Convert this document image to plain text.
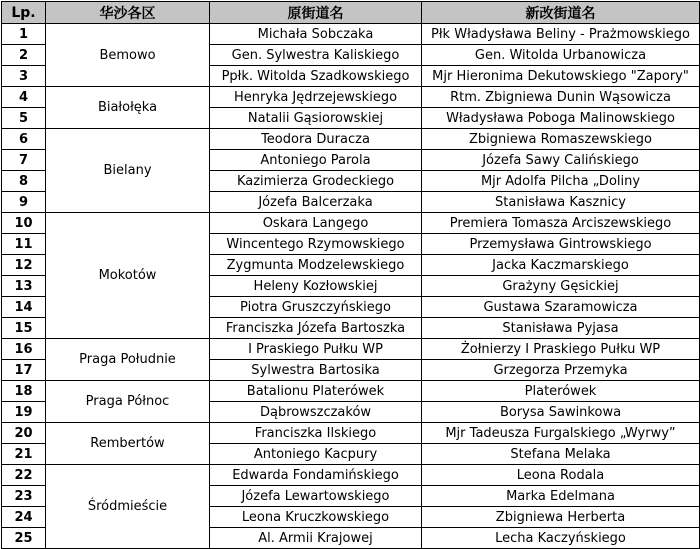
Lp.	华沙各区	原街道名	新改街道名
1	Bemowo	Michała Sobczaka	Płk Władysława Beliny - Prażmowskiego
2		Gen. Sylwestra Kaliskiego	Gen. Witolda Urbanowicza
3		Ppłk. Witolda Szadkowskiego	Mjr Hieronima Dekutowskiego "Zapory"
4	Białołęka	Henryka Jędrzejewskiego	Rtm. Zbigniewa Dunin Wąsowicza
5		Natalii Gąsiorowskiej	Władysława Poboga Malinowskiego
6	Bielany	Teodora Duracza	Zbigniewa Romaszewskiego
7		Antoniego Parola	Józefa Sawy Calińskiego
8		Kazimierza Grodeckiego	Mjr Adolfa Pilcha „Doliny
9		Józefa Balcerzaka	Stanisława Kasznicy
10	Mokotów	Oskara Langego	Premiera Tomasza Arciszewskiego
11		Wincentego Rzymowskiego	Przemysława Gintrowskiego
12		Zygmunta Modzelewskiego	Jacka Kaczmarskiego
13		Heleny Kozłowskiej	Grażyny Gęsickiej
14		Piotra Gruszczyńskiego	Gustawa Szaramowicza
15		Franciszka Józefa Bartoszka	Stanisława Pyjasa
16	Praga Południe	I Praskiego Pułku WP	Żołnierzy I Praskiego Pułku WP
17		Sylwestra Bartosika	Grzegorza Przemyka
18	Praga Północ	Batalionu Platerówek	Platerówek
19		Dąbrowszczaków	Borysa Sawinkowa
20	Rembertów	Franciszka Ilskiego	Mjr Tadeusza Furgalskiego „Wyrwy”
21		Antoniego Kacpury	Stefana Melaka
22	Śródmieście	Edwarda Fondamińskiego	Leona Rodala
23		Józefa Lewartowskiego	Marka Edelmana
24		Leona Kruczkowskiego	Zbigniewa Herberta
25		Al. Armii Krajowej	Lecha Kaczyńskiego
